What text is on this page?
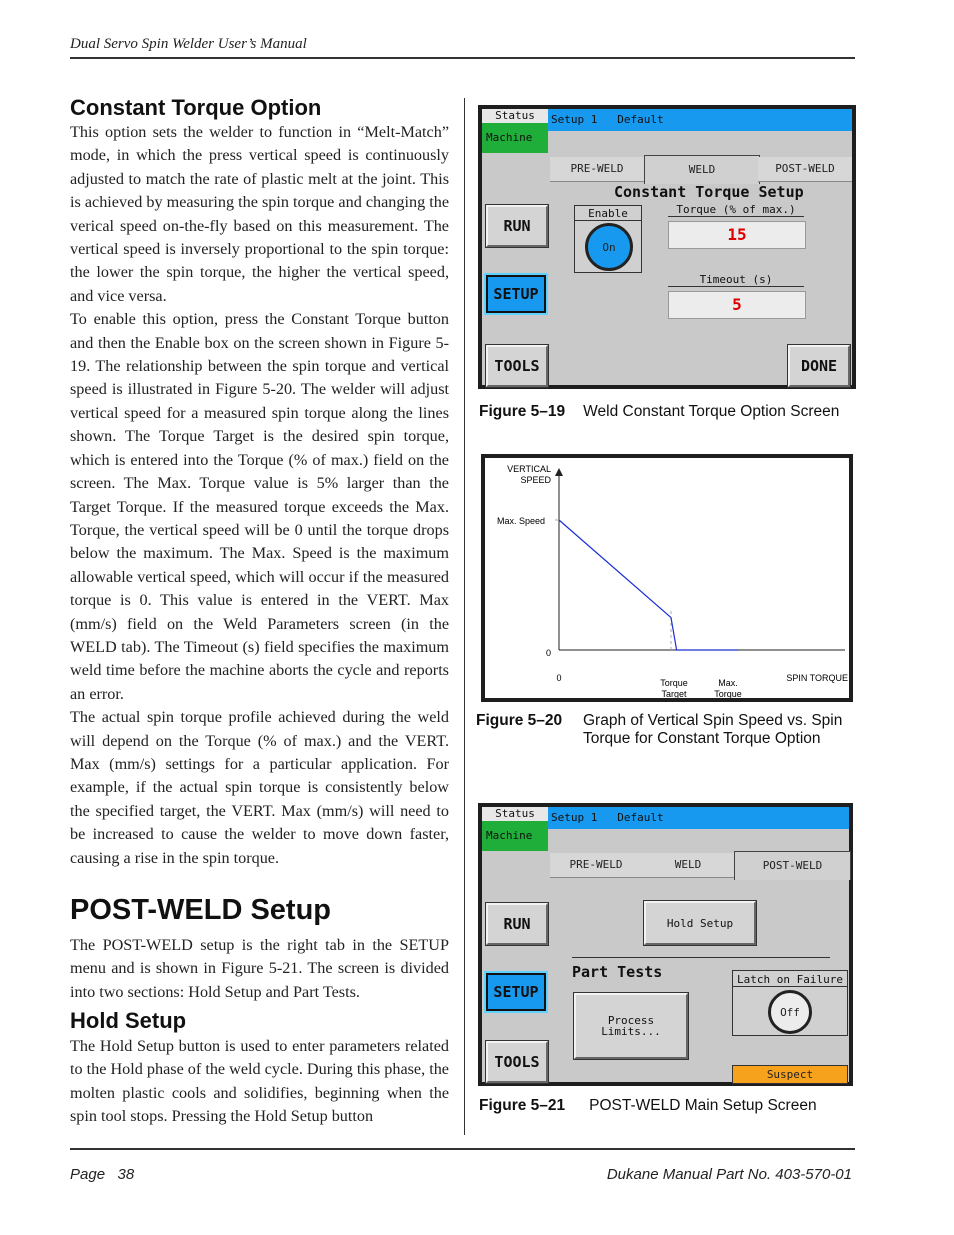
Dual Servo Spin Welder User’s Manual
Page   38	Dukane Manual Part No. 403-570-01
Constant Torque Option

This option sets the welder to function in “Melt-Match” mode, in which the press vertical speed is continuously adjusted to match the rate of plastic melt at the joint. This is achieved by measuring the spin torque and changing the verical speed on-the-fly based on this measurement. The vertical speed is inversely proportional to the spin torque: the lower the spin torque, the higher the vertical speed, and vice versa.

To enable this option, press the Constant Torque button and then the Enable box on the screen shown in Figure 5-19. The relationship between the spin torque and vertical speed is illustrated in Figure 5-20. The welder will adjust vertical speed for a measured spin torque along the lines shown. The Torque Target is the desired spin torque, which is entered into the Torque (% of max.) field on the screen. The Max. Torque value is 5% larger than the Target Torque. If the measured torque exceeds the Max. Torque, the vertical speed will be 0 until the torque drops below the maximum. The Max. Speed is the maximum allowable vertical speed, which will occur if the measured torque is 0. This value is entered in the VERT. Max (mm/s) field on the Weld Parameters screen (in the WELD tab). The Timeout (s) field specifies the maximum weld time before the machine aborts the cycle and reports an error.

The actual spin torque profile achieved during the weld will depend on the Torque (% of max.) and the VERT. Max (mm/s) settings for a particular application. For example, if the actual spin torque is consistently below the specified target, the VERT. Max (mm/s) will need to be increased to cause the welder to move down faster, causing a rise in the spin torque.

POST-WELD Setup

The POST-WELD setup is the right tab in the SETUP menu and is shown in Figure 5-21. The screen is divided into two sections: Hold Setup and Part Tests.

Hold Setup

The Hold Setup button is used to enter parameters related to the Hold phase of the weld cycle. During this phase, the molten plastic cools and solidifies, beginning when the spin tool stops. Pressing the Hold Setup button

Status
Machine
Setup 1   Default
PRE-WELD	WELD	POST-WELD
Constant Torque Setup
RUN
SETUP
TOOLS	DONE
Enable
On
Torque (% of max.)
15
Timeout (s)
5
Figure 5–19 Weld Constant Torque Option Screen
VERTICAL
SPEED
Max. Speed
0
0	Torque
Target
Max.
Torque
SPIN TORQUE
Figure 5–20	Graph of Vertical Spin Speed vs. Spin
Torque for Constant Torque Option
Status
Machine
Setup 1   Default
PRE-WELD	WELD	POST-WELD
RUN
SETUP
TOOLS
Hold Setup
Part Tests
Process
Limits...
Latch on Failure
Off
Suspect
Figure 5–21 POST-WELD Main Setup Screen
